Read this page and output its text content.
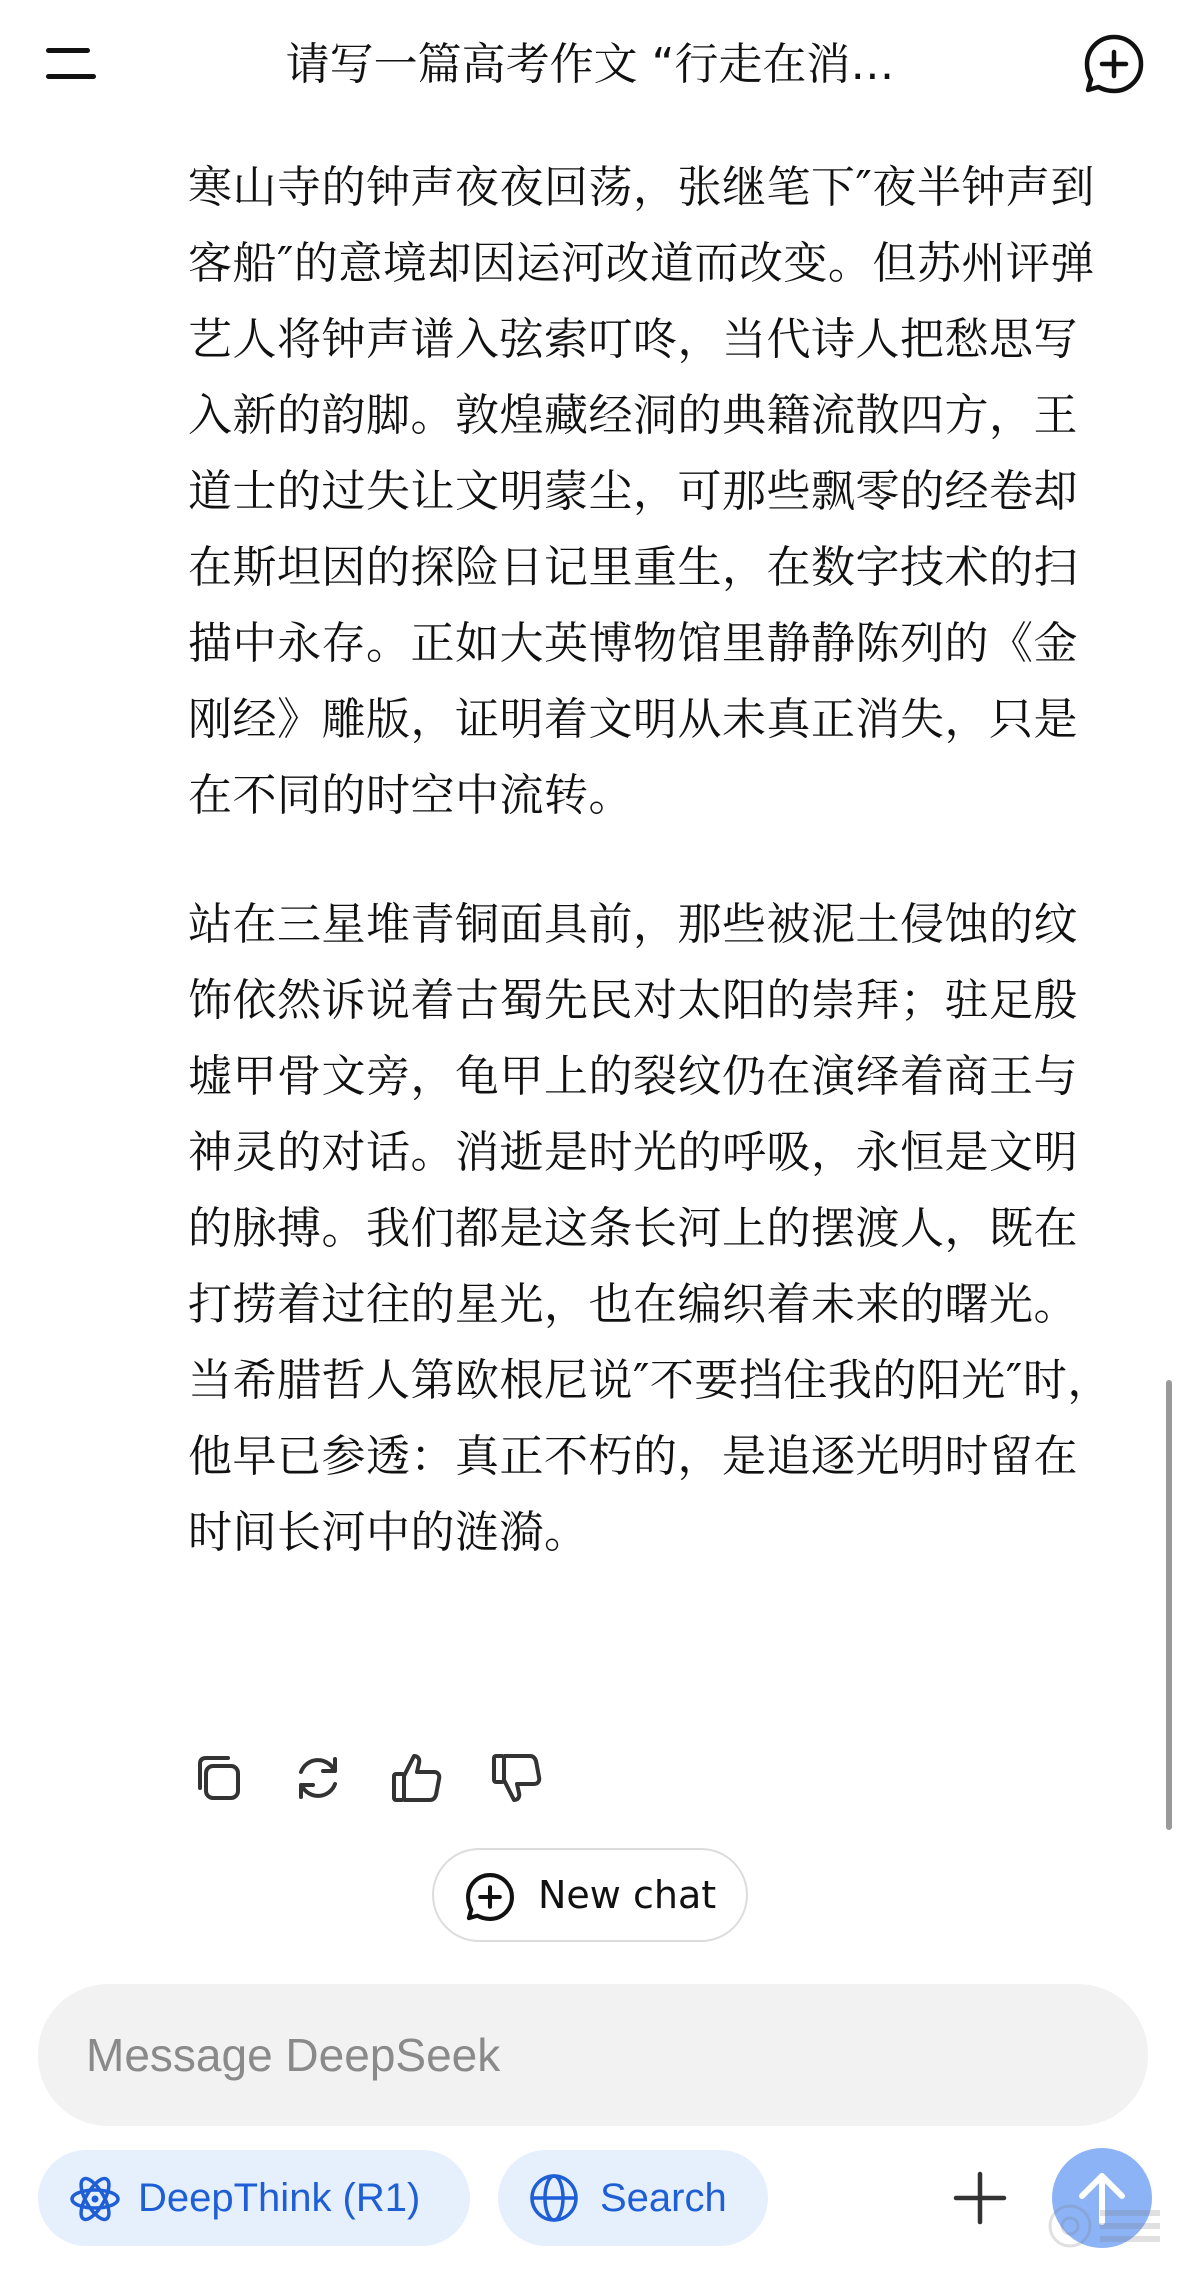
请写一篇高考作文 “行走在消…

寒山寺的钟声夜夜回荡，张继笔下″夜半钟声到客船″的意境却因运河改道而改变。但苏州评弹艺人将钟声谱入弦索叮咚，当代诗人把愁思写入新的韵脚。敦煌藏经洞的典籍流散四方，王道士的过失让文明蒙尘，可那些飘零的经卷却在斯坦因的探险日记里重生，在数字技术的扫描中永存。正如大英博物馆里静静陈列的《金刚经》雕版，证明着文明从未真正消失，只是在不同的时空中流转。

站在三星堆青铜面具前，那些被泥土侵蚀的纹饰依然诉说着古蜀先民对太阳的崇拜；驻足殷墟甲骨文旁，龟甲上的裂纹仍在演绎着商王与神灵的对话。消逝是时光的呼吸，永恒是文明的脉搏。我们都是这条长河上的摆渡人，既在打捞着过往的星光，也在编织着未来的曙光。当希腊哲人第欧根尼说″不要挡住我的阳光″时，他早已参透：真正不朽的，是追逐光明时留在时间长河中的涟漪。

New chat
Message DeepSeek
DeepThink (R1)	Search
